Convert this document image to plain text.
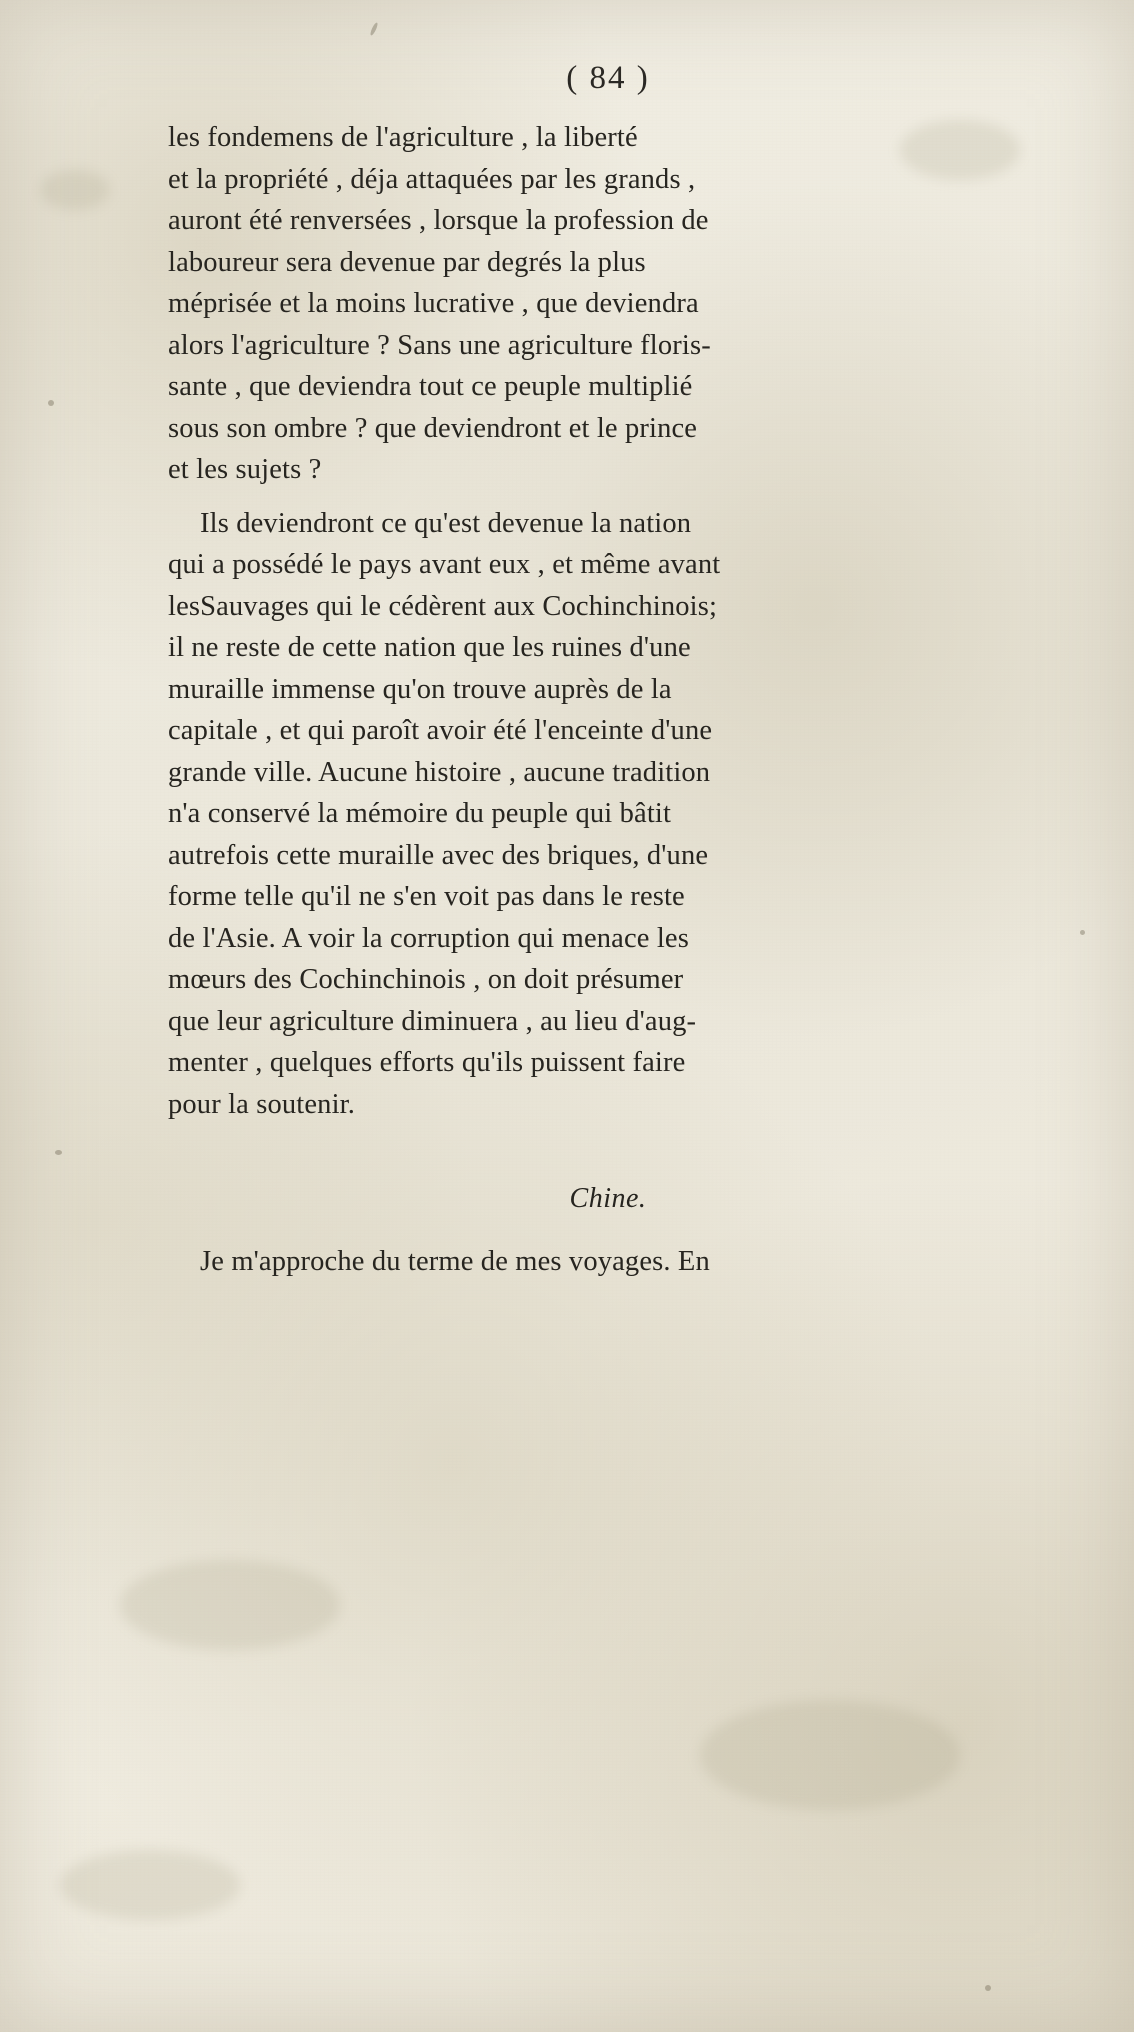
( 84 )
les fondemens de l'agriculture , la liberté
et la propriété , déja attaquées par les grands ,
auront été renversées , lorsque la profession de
laboureur sera devenue par degrés la plus
méprisée et la moins lucrative , que deviendra
alors l'agriculture ? Sans une agriculture floris-
sante , que deviendra tout ce peuple multiplié
sous son ombre ? que deviendront et le prince
et les sujets ?
Ils deviendront ce qu'est devenue la nation
qui a possédé le pays avant eux , et même avant
lesSauvages qui le cédèrent aux Cochinchinois;
il ne reste de cette nation que les ruines d'une
muraille immense qu'on trouve auprès de la
capitale , et qui paroît avoir été l'enceinte d'une
grande ville. Aucune histoire , aucune tradition
n'a conservé la mémoire du peuple qui bâtit
autrefois cette muraille avec des briques, d'une
forme telle qu'il ne s'en voit pas dans le reste
de l'Asie. A voir la corruption qui menace les
mœurs des Cochinchinois , on doit présumer
que leur agriculture diminuera , au lieu d'aug-
menter , quelques efforts qu'ils puissent faire
pour la soutenir.
Chine.
Je m'approche du terme de mes voyages. En
